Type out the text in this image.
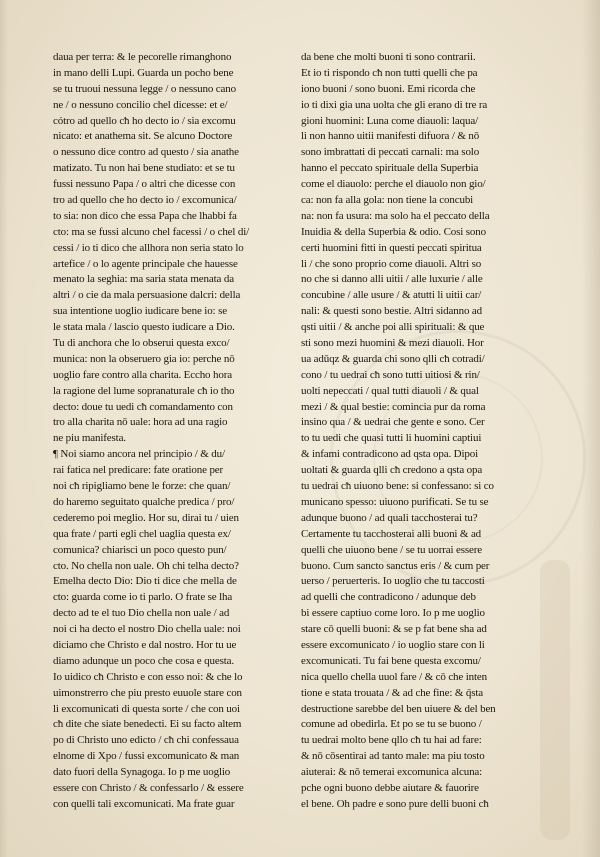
daua per terra: & le pecorelle rimanghono
in mano delli Lupi. Guarda un pocho bene
se tu truoui nessuna legge / o nessuno cano
ne / o nessuno concilio chel dicesse: et e/
cótro ad quello cħ ho decto io / sia excomu
nicato: et anathema sit. Se alcuno Doctore
o nessuno dice contro ad questo / sia anathe
matizato. Tu non hai bene studiato: et se tu
fussi nessuno Papa / o altri che dicesse con
tro ad quello che ho decto io / excomunica/
to sia: non dico che essa Papa che lhabbi fa
cto: ma se fussi alcuno chel facessi / o chel di/
cessi / io ti dico che allhora non seria stato lo
artefice / o lo agente principale che hauesse
menato la seghia: ma saria stata menata da
altri / o cie da mala persuasione dalcri: della
sua intentione uoglio iudicare bene io: se
le stata mala / lascio questo iudicare a Dio.
Tu di anchora che lo obserui questa exco/
munica: non la obseruero gia io: perche nō
uoglio fare contro alla charita. Eccho hora
la ragione del lume sopranaturale cħ io tho
decto: doue tu uedi cħ comandamento con
tro alla charita nō uale: hora ad una ragio
ne piu manifesta.
¶ Noi siamo ancora nel principio / & du/
rai fatica nel predicare: fate oratione per
noi cħ ripigliamo bene le forze: che quan/
do haremo seguitato qualche predica / pro/
cederemo poi meglio. Hor su, dirai tu / uien
qua frate / parti egli chel uaglia questa ex/
comunica? chiarisci un poco questo pun/
cto. No chella non uale. Oh chi telha decto?
Emelha decto Dio: Dio ti dice che mella de
cto: guarda come io ti parlo. O frate se lha
decto ad te el tuo Dio chella non uale / ad
noi ci ha decto el nostro Dio chella uale: noi
diciamo che Christo e dal nostro. Hor tu ue
diamo adunque un poco che cosa e questa.
Io uidico cħ Christo e con esso noi: & che lo
uimonstrerro che piu presto euuole stare con
li excomunicati di questa sorte / che con uoi
cħ dite che siate benedecti. Ei su facto altem
po di Christo uno edicto / cħ chi confessaua
elnome di Xpo / fussi excomunicato & man
dato fuori della Synagoga. Io p me uoglio
essere con Christo / & confessarlo / & essere
con quelli tali excomunicati. Ma frate guar
da bene che molti buoni ti sono contrarii.
Et io ti rispondo cħ non tutti quelli che pa
iono buoni / sono buoni. Emi ricorda che
io ti dixi gia una uolta che gli erano di tre ra
gioni huomini: Luna come diauoli: laqua/
li non hanno uitii manifesti difuora / & nō
sono imbrattati di peccati carnali: ma solo
hanno el peccato spirituale della Superbia
come el diauolo: perche el diauolo non gio/
ca: non fa alla gola: non tiene la concubi
na: non fa usura: ma solo ha el peccato della
Inuidia & della Superbia & odio. Cosi sono
certi huomini fitti in questi peccati spiritua
li / che sono proprio come diauoli. Altri so
no che si danno alli uitii / alle luxurie / alle
concubine / alle usure / & atutti li uitii car/
nali: & questi sono bestie. Altri sidanno ad
qsti uitii / & anche poi alli spirituali: & que
sti sono mezi huomini & mezi diauoli. Hor
ua adūqz & guarda chi sono qlli cħ cotradi/
cono / tu uedrai cħ sono tutti uitiosi & rin/
uolti nepeccati / qual tutti diauoli / & qual
mezi / & qual bestie: comincia pur da roma
insino qua / & uedrai che gente e sono. Cer
to tu uedi che quasi tutti li huomini captiui
& infami contradicono ad qsta opa. Dipoi
uoltati & guarda qlli cħ credono a qsta opa
tu uedrai cħ uiuono bene: si confessano: si co
municano spesso: uiuono purificati. Se tu se
adunque buono / ad quali tacchosterai tu?
Certamente tu tacchosterai alli buoni & ad
quelli che uiuono bene / se tu uorrai essere
buono. Cum sancto sanctus eris / & cum per
uerso / peruerteris. Io uoglio che tu taccosti
ad quelli che contradicono / adunque deb
bi essere captiuo come loro. Io p me uoglio
stare cō quelli buoni: & se p fat bene sha ad
essere excomunicato / io uoglio stare con li
excomunicati. Tu fai bene questa excomu/
nica quello chella uuol fare / & cō che inten
tione e stata trouata / & ad che fine: & q̄sta
destructione sarebbe del ben uiuere & del ben
comune ad obedirla. Et po se tu se buono /
tu uedrai molto bene qllo cħ tu hai ad fare:
& nō cōsentirai ad tanto male: ma piu tosto
aiuterai: & nō temerai excomunica alcuna:
pche ogni buono debbe aiutare & fauorire
el bene. Oh padre e sono pure delli buoni cħ
